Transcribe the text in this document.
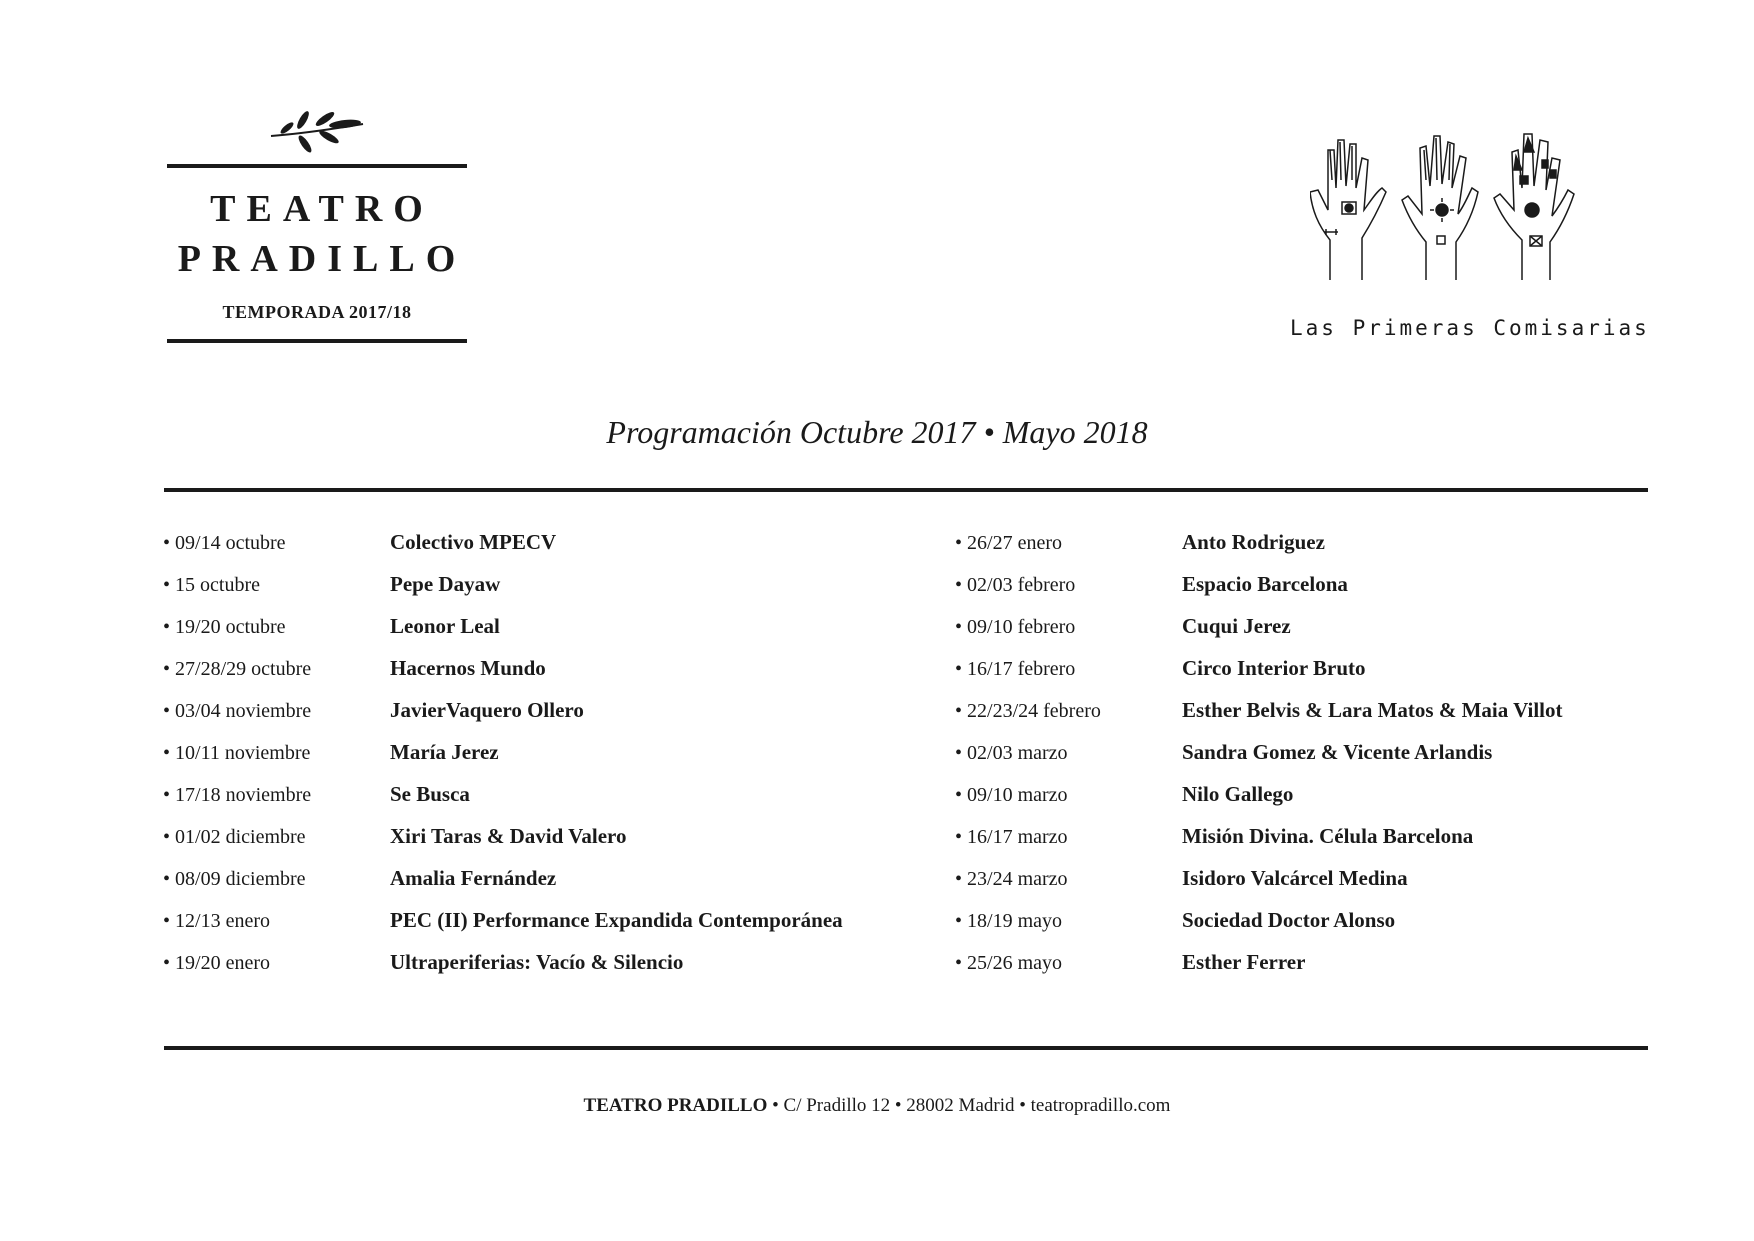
TEATRO
PRADILLO
TEMPORADA 2017/18
Las Primeras Comisarias
Programación Octubre 2017 • Mayo 2018
• 09/14 octubre	Colectivo MPECV
• 15 octubre	Pepe Dayaw
• 19/20 octubre	Leonor Leal
• 27/28/29 octubre	Hacernos Mundo
• 03/04 noviembre	JavierVaquero Ollero
• 10/11 noviembre	María Jerez
• 17/18 noviembre	Se Busca
• 01/02 diciembre	Xiri Taras & David Valero
• 08/09 diciembre	Amalia Fernández
• 12/13 enero	PEC (II) Performance Expandida Contemporánea
• 19/20 enero	Ultraperiferias: Vacío & Silencio
• 26/27 enero	Anto Rodriguez
• 02/03 febrero	Espacio Barcelona
• 09/10 febrero	Cuqui Jerez
• 16/17 febrero	Circo Interior Bruto
• 22/23/24 febrero	Esther Belvis & Lara Matos & Maia Villot
• 02/03 marzo	Sandra Gomez & Vicente Arlandis
• 09/10 marzo	Nilo Gallego
• 16/17 marzo	Misión Divina. Célula Barcelona
• 23/24 marzo	Isidoro Valcárcel Medina
• 18/19 mayo	Sociedad Doctor Alonso
• 25/26 mayo	Esther Ferrer
TEATRO PRADILLO • C/ Pradillo 12 • 28002 Madrid • teatropradillo.com
